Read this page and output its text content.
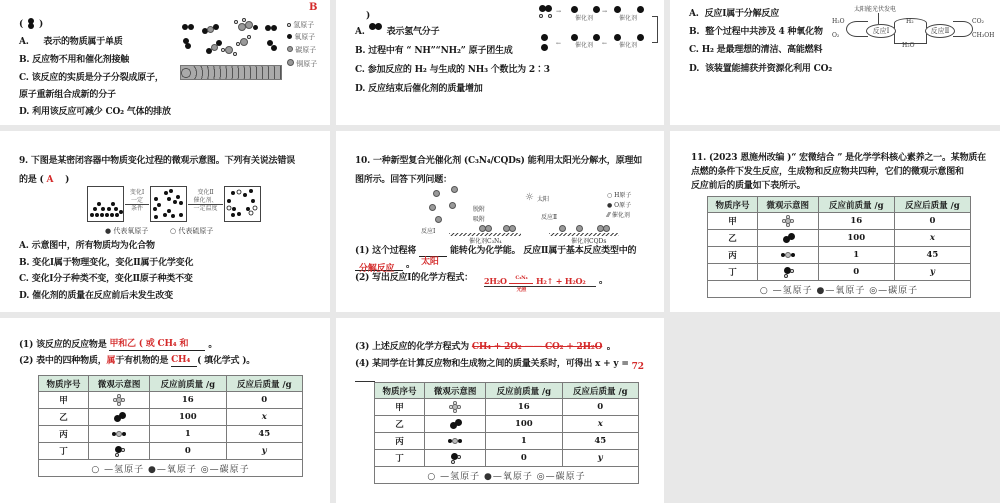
B
( )
A. 表示的物质属于单质
B. 反应物不用和催化剂接触
C. 该反应的实质是分子分裂成原子，
原子重新组合成新的分子
D. 利用该反应可减少 CO₂ 气体的排放
氢原子
氧原子
碳原子
铜原子
)
A. 表示氢气分子
B. 过程中有 “ NH”“NH₂” 原子团生成
C. 参加反应的 H₂ 与生成的 NH₃ 个数比为 2∶3
D. 反应结束后催化剂的质量增加
→
催化剂
→
催化剂
← 催化剂 ← 催化剂
A. 反应Ⅰ属于分解反应
B. 整个过程中共涉及 4 种氧化物
C. H₂ 是最理想的清洁、高能燃料
D. 该装置能捕获并资源化利用 CO₂
太阳能光伏发电
反应Ⅰ	反应Ⅱ
H₂
H₂O
O₂
H₂O
CO₂
CH₃OH
9. 下图是某密闭容器中物质变化过程的微观示意图。下列有关说法错误
的是 ( A )
变化Ⅰ
一定
条件
变化Ⅱ
催化剂、
一定温度
● 代表氧原子	○ 代表硫原子
A. 示意图中，所有物质均为化合物
B. 变化Ⅰ属于物理变化，变化Ⅱ属于化学变化
C. 变化Ⅰ分子种类不变，变化Ⅱ原子种类不变
D. 催化剂的质量在反应前后未发生改变
10. 一种新型复合光催化剂 (C₃N₄/CQDs) 能利用太阳光分解水，原理如
图所示。回答下列问题：
脱附
吸附
反应Ⅰ
☼ 太阳
反应Ⅱ
催化剂C₃N₄	催化剂CQDs
○ H原子
● O原子
⁄⁄⁄ 催化剂
(1) 这个过程将
太阳
能转化为化学能。 反应Ⅱ属于基本反应类型中的
分解反应 。
(2) 写出反应Ⅰ的化学方程式： 2H₂O	C₃N₄
光照
H₂↑ + H₂O₂ 。
11. (2023 恩施州改编 )“ 宏微结合 ” 是化学学科核心素养之一。某物质在
点燃的条件下发生反应，生成物和反应物共四种，它们的微观示意图和
反应前后的质量如下表所示。
物质序号	微观示意图	反应前质量 /g	反应后质量 /g
甲		16	0
乙		100	x
丙		1	45
丁		0	y
○ —氢原子 ●—氧原子 ◎—碳原子			
(1) 该反应的反应物是 甲和乙 ( 或 CH₄ 和 。
(2) 表中的四种物质，属于有机物的是 CH₄ ( 填化学式 )。
物质序号	微观示意图	反应前质量 /g	反应后质量 /g
甲		16	0
乙		100	x
丙		1	45
丁		0	y
○ —氢原子 ●—氧原子 ◎—碳原子			
(3) 上述反应的化学方程式为 CH₄ + 2O₂ —— CO₂ + 2H₂O 。
(4) 某同学在计算反应物和生成物之间的质量关系时，可得出 x + y = 72
物质序号	微观示意图	反应前质量 /g	反应后质量 /g
甲		16	0
乙		100	x
丙		1	45
丁		0	y
○ —氢原子 ●—氧原子 ◎—碳原子			
